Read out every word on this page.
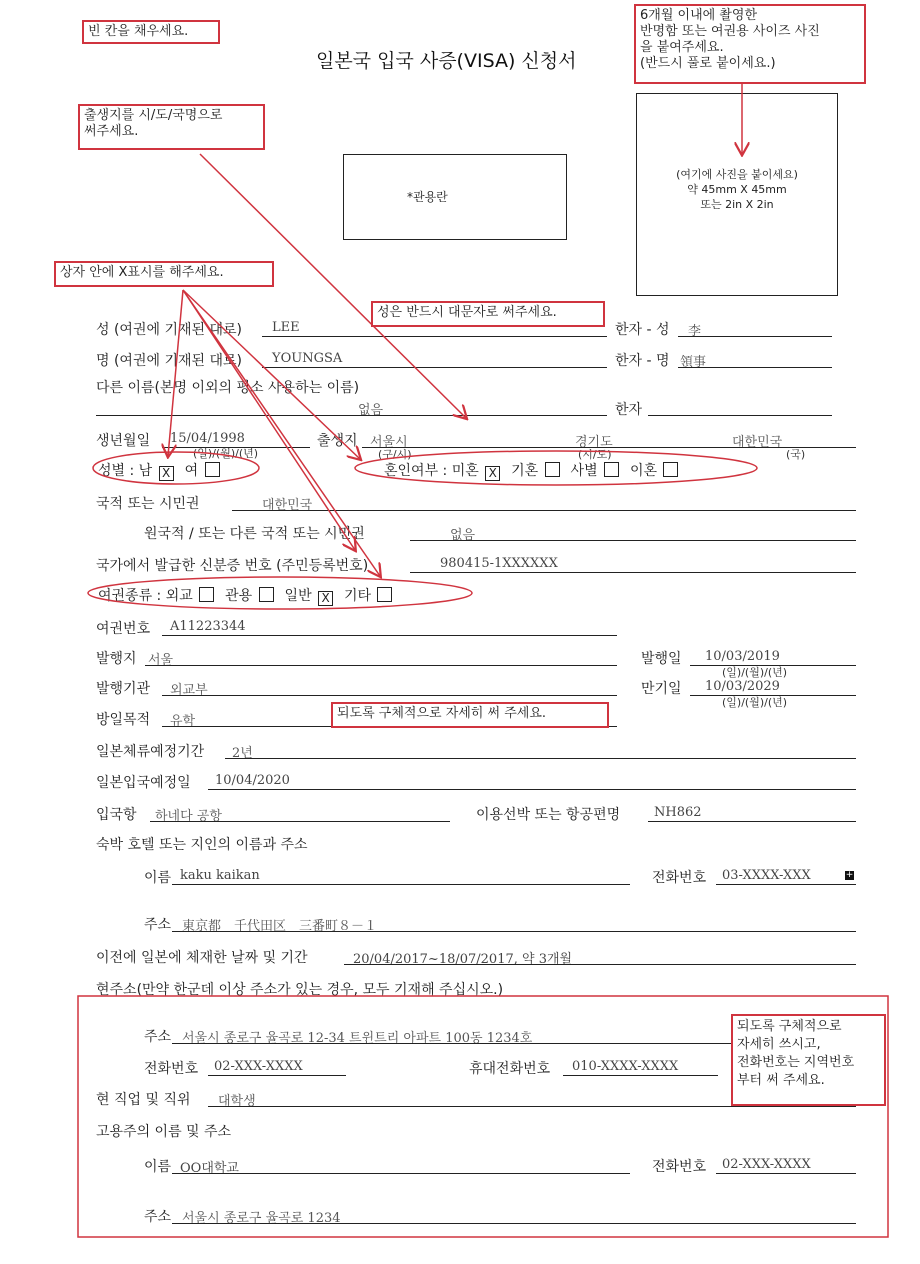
일본국 입국 사증(VISA) 신청서
*관용란
(여기에 사진을 붙이세요)
약 45mm X 45mm
또는 2in X 2in
성 (여권에 기재된 대로) LEE	한자 - 성 李
명 (여권에 기재된 대로) YOUNGSA	한자 - 명 領事
다른 이름(본명 이외의 평소 사용하는 이름)
없음	한자
생년월일 15/04/1998
(일)/(월)/(년)
출생지 서울시	경기도	대한민국
(구/시)	(시/도)	(국)
성별 : 남 X 여	혼인여부 : 미혼 X 기혼 사별 이혼
국적 또는 시민권	대한민국
원국적 / 또는 다른 국적 또는 시민권	없음
국가에서 발급한 신분증 번호 (주민등록번호)	980415-1XXXXXX
여권종류 : 외교 관용 일반 X 기타
여권번호 A11223344
발행지 서울	발행일 10/03/2019
(일)/(월)/(년)
발행기관 외교부	만기일 10/03/2029
(일)/(월)/(년)
방일목적 유학
일본체류예정기간 2년
일본입국예정일 10/04/2020
입국항 하네다 공항	이용선박 또는 항공편명	NH862
숙박 호텔 또는 지인의 이름과 주소
이름 kaku kaikan	전화번호 03-XXXX-XXX	+
주소 東京都　千代田区　三番町８－１
이전에 일본에 체재한 날짜 및 기간	20/04/2017~18/07/2017, 약 3개월
현주소(만약 한군데 이상 주소가 있는 경우, 모두 기재해 주십시오.)
주소 서울시 종로구 율곡로 12-34 트윈트리 아파트 100동 1234호
전화번호 02-XXX-XXXX	휴대전화번호 010-XXXX-XXXX
현 직업 및 직위 대학생
고용주의 이름 및 주소
이름 OO대학교	전화번호 02-XXX-XXXX
주소 서울시 종로구 율곡로 1234
빈 칸을 채우세요.
출생지를 시/도/국명으로
써주세요.
상자 안에 X표시를 해주세요.
성은 반드시 대문자로 써주세요.
6개월 이내에 촬영한
반명함 또는 여권용 사이즈 사진
을 붙여주세요.
(반드시 풀로 붙이세요.)
되도록 구체적으로 자세히 써 주세요.
되도록 구체적으로
자세히 쓰시고,
전화번호는 지역번호
부터 써 주세요.
